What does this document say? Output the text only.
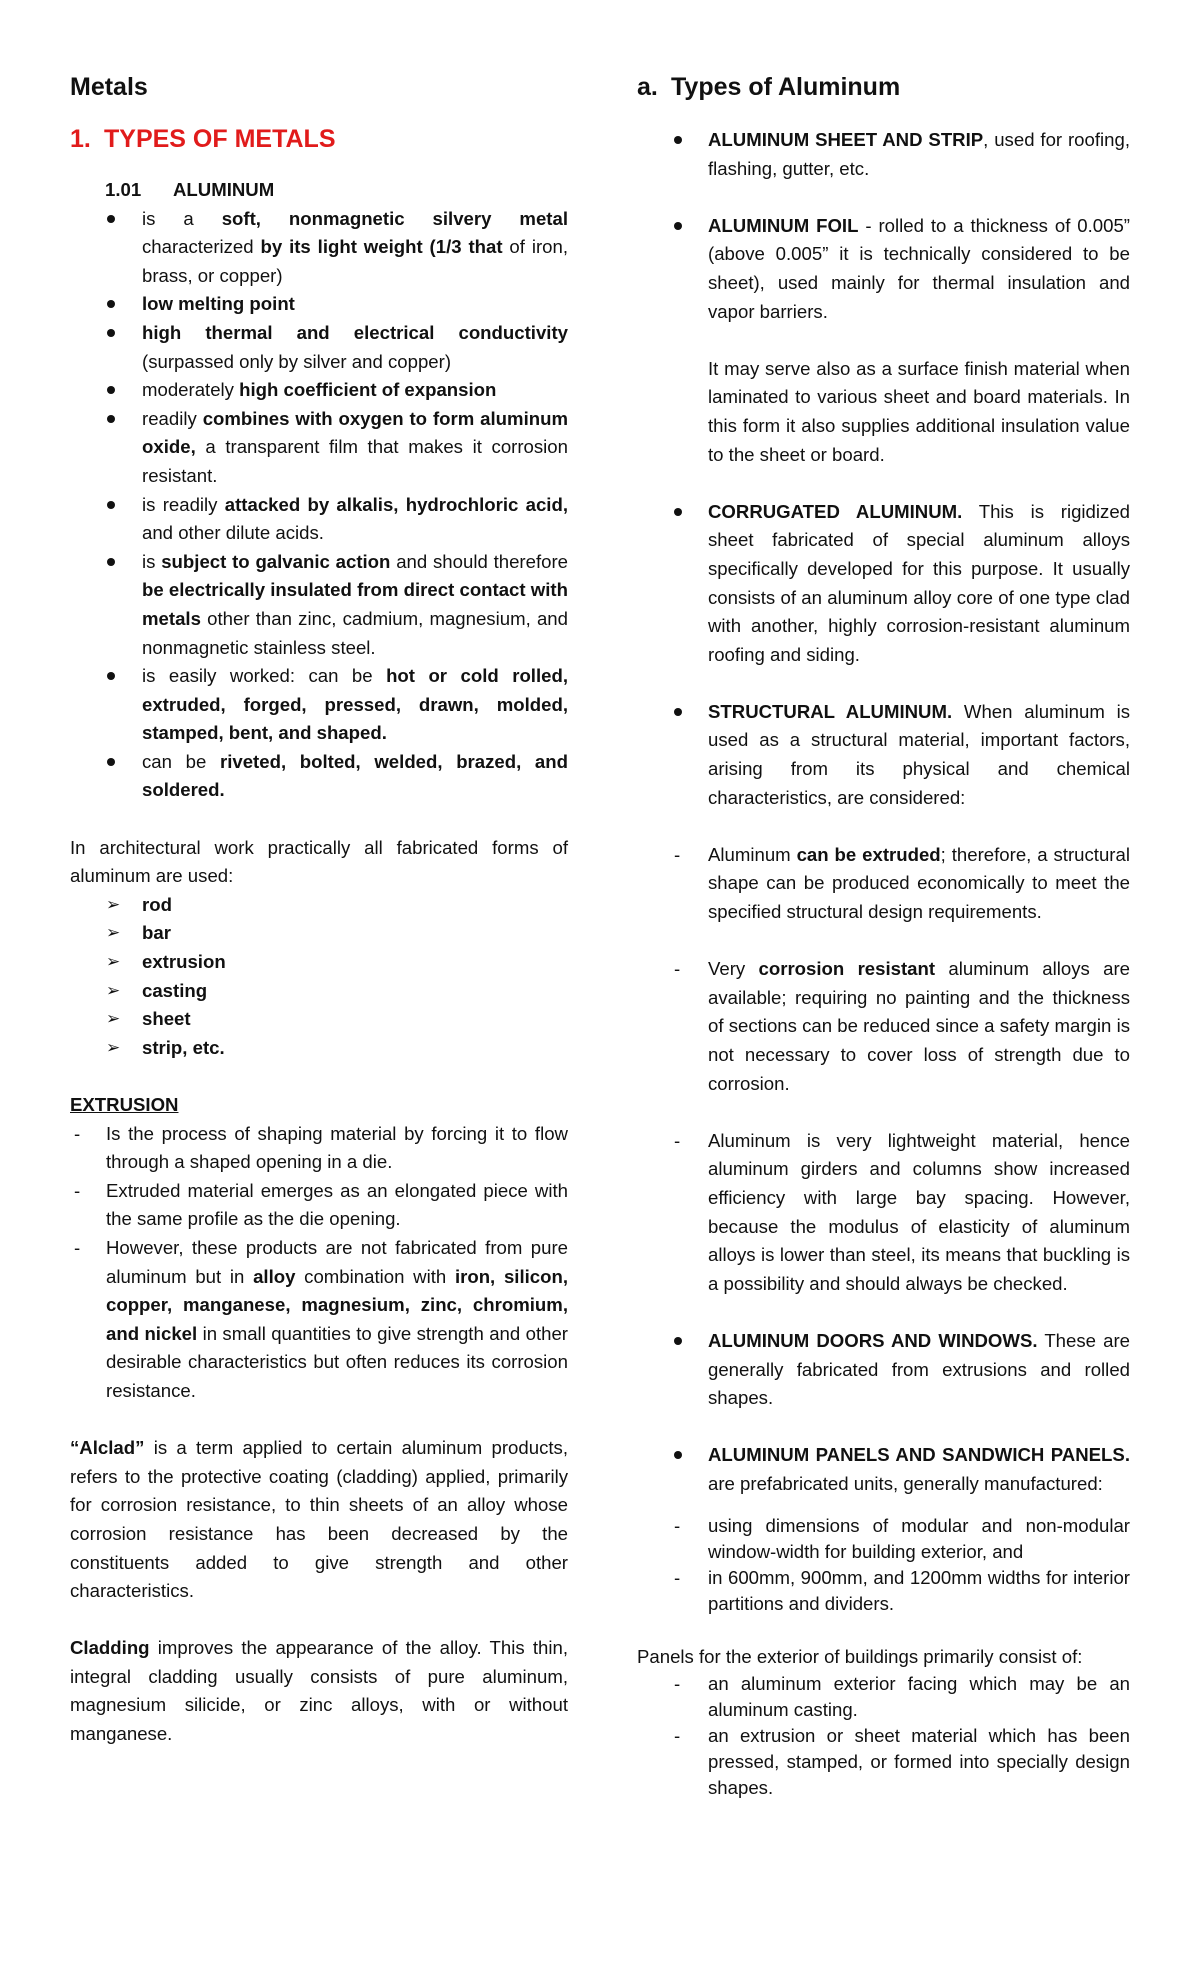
Metals

1. TYPES OF METALS

1.01 ALUMINUM

is a soft, nonmagnetic silvery metal characterized by its light weight (1/3 that of iron, brass, or copper)
low melting point
high thermal and electrical conductivity (surpassed only by silver and copper)
moderately high coefficient of expansion
readily combines with oxygen to form aluminum oxide, a transparent film that makes it corrosion resistant.
is readily attacked by alkalis, hydrochloric acid, and other dilute acids.
is subject to galvanic action and should therefore be electrically insulated from direct contact with metals other than zinc, cadmium, magnesium, and nonmagnetic stainless steel.
is easily worked: can be hot or cold rolled, extruded, forged, pressed, drawn, molded, stamped, bent, and shaped.
can be riveted, bolted, welded, brazed, and soldered.

In architectural work practically all fabricated forms of aluminum are used:

➢ rod
➢ bar
➢ extrusion
➢ casting
➢ sheet
➢ strip, etc.

EXTRUSION

- Is the process of shaping material by forcing it to flow through a shaped opening in a die.
- Extruded material emerges as an elongated piece with the same profile as the die opening.
- However, these products are not fabricated from pure aluminum but in alloy combination with iron, silicon, copper, manganese, magnesium, zinc, chromium, and nickel in small quantities to give strength and other desirable characteristics but often reduces its corrosion resistance.

“Alclad” is a term applied to certain aluminum products, refers to the protective coating (cladding) applied, primarily for corrosion resistance, to thin sheets of an alloy whose corrosion resistance has been decreased by the constituents added to give strength and other characteristics.

Cladding improves the appearance of the alloy. This thin, integral cladding usually consists of pure aluminum, magnesium silicide, or zinc alloys, with or without manganese.

a. Types of Aluminum

ALUMINUM SHEET AND STRIP, used for roofing, flashing, gutter, etc.
ALUMINUM FOIL - rolled to a thickness of 0.005” (above 0.005” it is technically considered to be sheet), used mainly for thermal insulation and vapor barriers.

It may serve also as a surface finish material when laminated to various sheet and board materials. In this form it also supplies additional insulation value to the sheet or board.

CORRUGATED ALUMINUM. This is rigidized sheet fabricated of special aluminum alloys specifically developed for this purpose. It usually consists of an aluminum alloy core of one type clad with another, highly corrosion-resistant aluminum roofing and siding.
STRUCTURAL ALUMINUM. When aluminum is used as a structural material, important factors, arising from its physical and chemical characteristics, are considered:
- Aluminum can be extruded; therefore, a structural shape can be produced economically to meet the specified structural design requirements.
- Very corrosion resistant aluminum alloys are available; requiring no painting and the thickness of sections can be reduced since a safety margin is not necessary to cover loss of strength due to corrosion.
- Aluminum is very lightweight material, hence aluminum girders and columns show increased efficiency with large bay spacing. However, because the modulus of elasticity of aluminum alloys is lower than steel, its means that buckling is a possibility and should always be checked.
ALUMINUM DOORS AND WINDOWS. These are generally fabricated from extrusions and rolled shapes.
ALUMINUM PANELS AND SANDWICH PANELS. are prefabricated units, generally manufactured:
- using dimensions of modular and non-modular window-width for building exterior, and
- in 600mm, 900mm, and 1200mm widths for interior partitions and dividers.

Panels for the exterior of buildings primarily consist of:

- an aluminum exterior facing which may be an aluminum casting.
- an extrusion or sheet material which has been pressed, stamped, or formed into specially design shapes.
